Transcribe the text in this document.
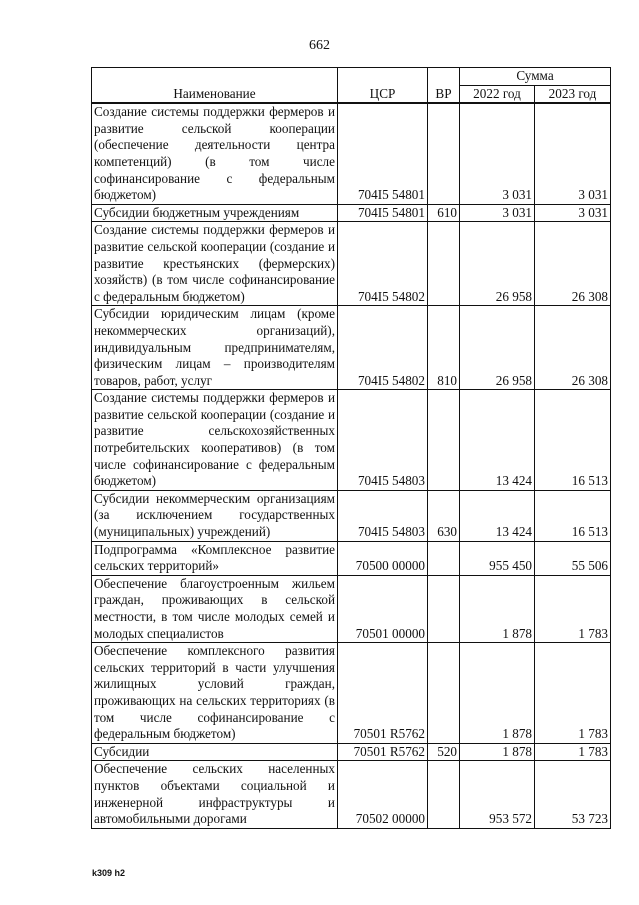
662
Наименование	ЦСР	ВР	Сумма	
			2022 год	2023 год
Создание системы поддержки фермеров и развитие сельской кооперации (обеспечение деятельности центра компетенций) (в том числе софинансирование с федеральным бюджетом)	704I5 54801		3 031	3 031
Субсидии бюджетным учреждениям	704I5 54801	610	3 031	3 031
Создание системы поддержки фермеров и развитие сельской кооперации (создание и развитие крестьянских (фермерских) хозяйств) (в том числе софинансирование с федеральным бюджетом)	704I5 54802		26 958	26 308
Субсидии юридическим лицам (кроме некоммерческих организаций), индивидуальным предпринимателям, физическим лицам – производителям товаров, работ, услуг	704I5 54802	810	26 958	26 308
Создание системы поддержки фермеров и развитие сельской кооперации (создание и развитие сельскохозяйственных потребительских кооперативов) (в том числе софинансирование с федеральным бюджетом)	704I5 54803		13 424	16 513
Субсидии некоммерческим организациям (за исключением государственных (муниципальных) учреждений)	704I5 54803	630	13 424	16 513
Подпрограмма «Комплексное развитие сельских территорий»	70500 00000		955 450	55 506
Обеспечение благоустроенным жильем граждан, проживающих в сельской местности, в том числе молодых семей и молодых специалистов	70501 00000		1 878	1 783
Обеспечение комплексного развития сельских территорий в части улучшения жилищных условий граждан, проживающих на сельских территориях (в том числе софинансирование с федеральным бюджетом)	70501 R5762		1 878	1 783
Субсидии	70501 R5762	520	1 878	1 783
Обеспечение сельских населенных пунктов объектами социальной и инженерной инфраструктуры и автомобильными дорогами	70502 00000		953 572	53 723
k309 h2
